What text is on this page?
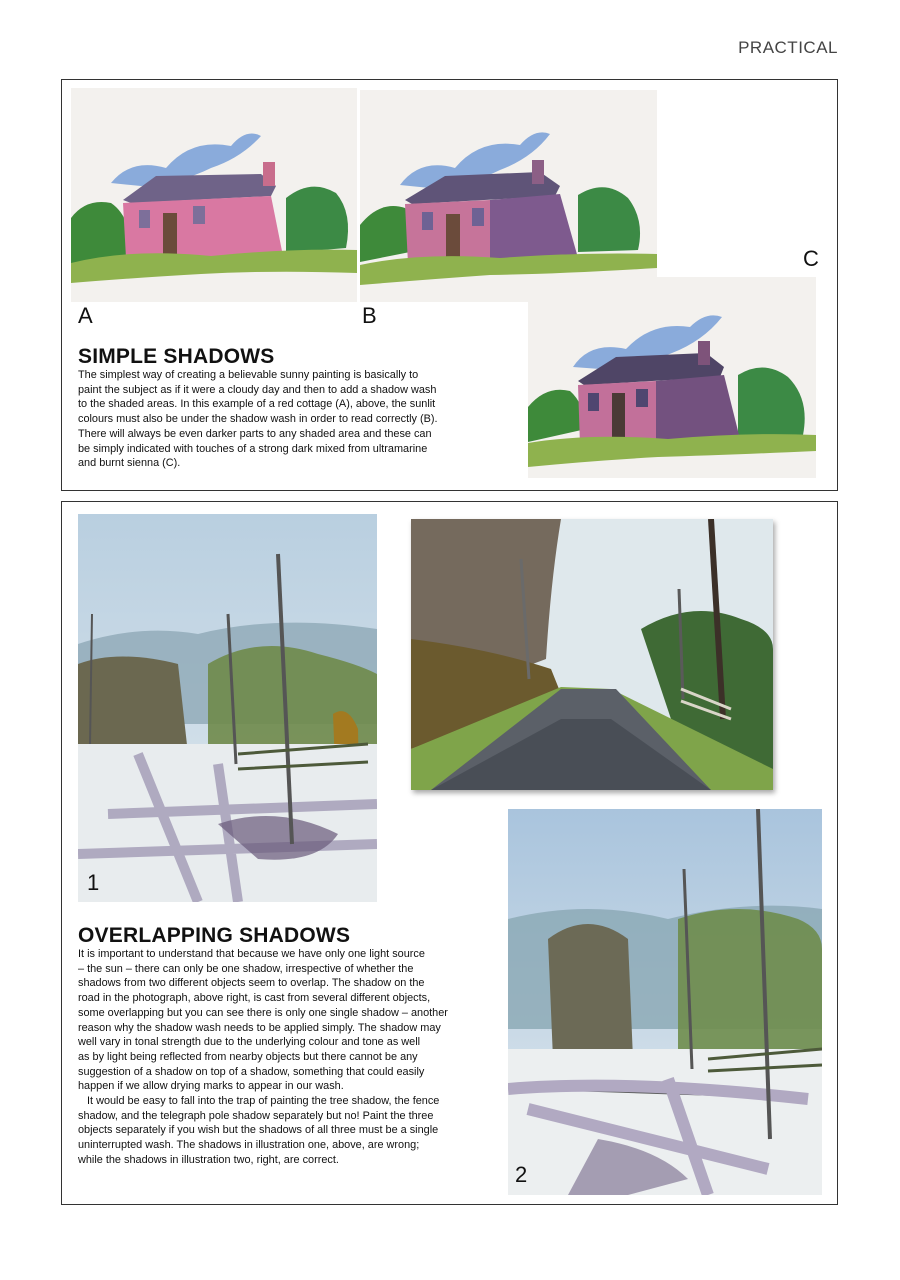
PRACTICAL
A	B
C
SIMPLE SHADOWS
The simplest way of creating a believable sunny painting is basically to
paint the subject as if it were a cloudy day and then to add a shadow wash
to the shaded areas. In this example of a red cottage (A), above, the sunlit
colours must also be under the shadow wash in order to read correctly (B).
There will always be even darker parts to any shaded area and these can
be simply indicated with touches of a strong dark mixed from ultramarine
and burnt sienna (C).
1
2
OVERLAPPING SHADOWS
It is important to understand that because we have only one light source
– the sun – there can only be one shadow, irrespective of whether the
shadows from two different objects seem to overlap. The shadow on the
road in the photograph, above right, is cast from several different objects,
some overlapping but you can see there is only one single shadow – another
reason why the shadow wash needs to be applied simply. The shadow may
well vary in tonal strength due to the underlying colour and tone as well
as by light being reflected from nearby objects but there cannot be any
suggestion of a shadow on top of a shadow, something that could easily
happen if we allow drying marks to appear in our wash.
It would be easy to fall into the trap of painting the tree shadow, the fence
shadow, and the telegraph pole shadow separately but no! Paint the three
objects separately if you wish but the shadows of all three must be a single
uninterrupted wash. The shadows in illustration one, above, are wrong;
while the shadows in illustration two, right, are correct.
